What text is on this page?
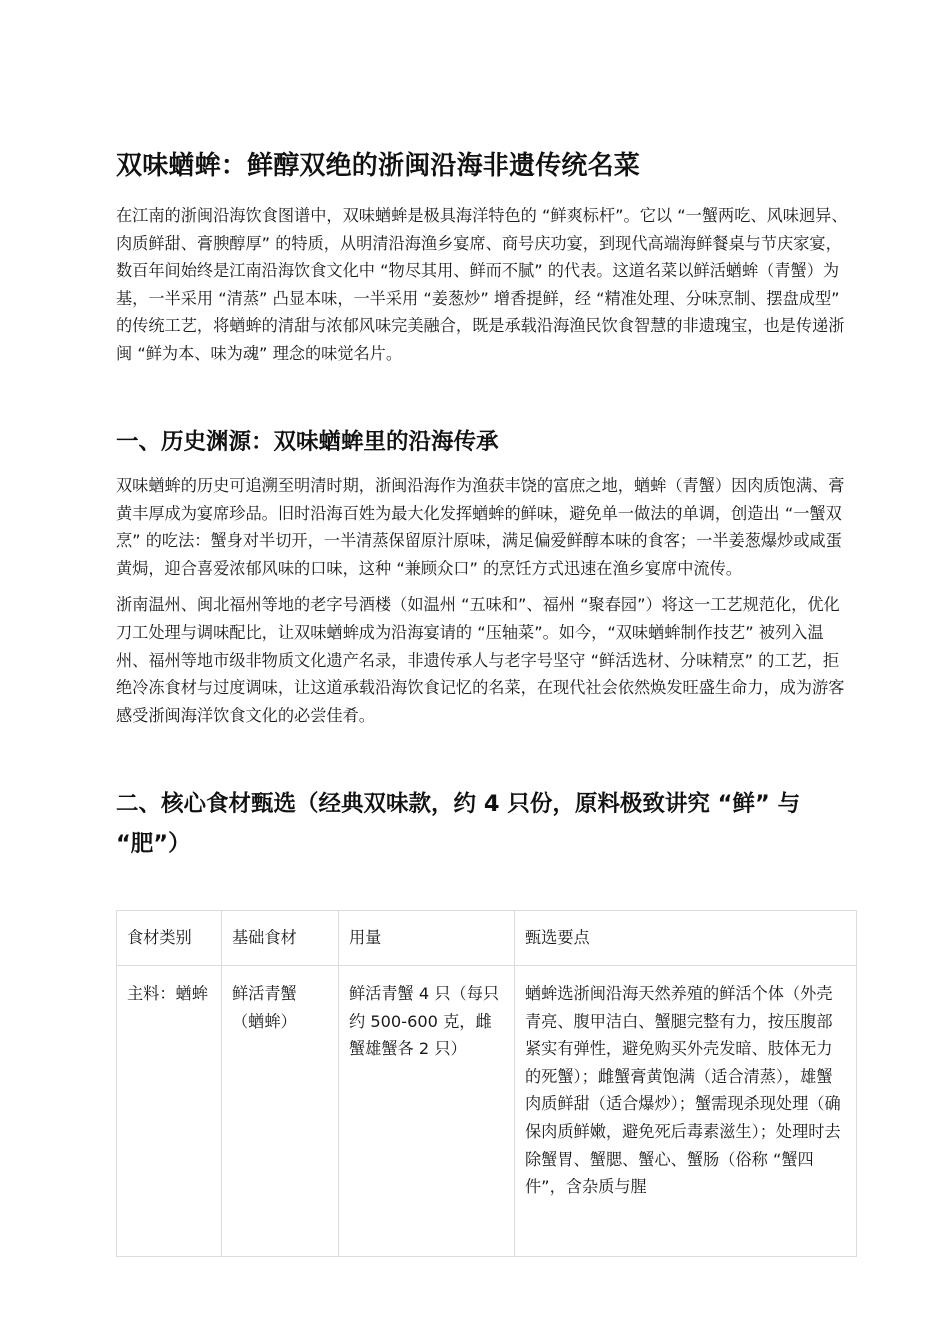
双味蝤蛑：鲜醇双绝的浙闽沿海非遗传统名菜

在江南的浙闽沿海饮食图谱中，双味蝤蛑是极具海洋特色的 “鲜爽标杆”。它以 “一蟹两吃、风味迥异、肉质鲜甜、膏腴醇厚” 的特质，从明清沿海渔乡宴席、商号庆功宴，到现代高端海鲜餐桌与节庆家宴，数百年间始终是江南沿海饮食文化中 “物尽其用、鲜而不腻” 的代表。这道名菜以鲜活蝤蛑（青蟹）为基，一半采用 “清蒸” 凸显本味，一半采用 “姜葱炒” 增香提鲜，经 “精准处理、分味烹制、摆盘成型” 的传统工艺，将蝤蛑的清甜与浓郁风味完美融合，既是承载沿海渔民饮食智慧的非遗瑰宝，也是传递浙闽 “鲜为本、味为魂” 理念的味觉名片。

一、历史渊源：双味蝤蛑里的沿海传承

双味蝤蛑的历史可追溯至明清时期，浙闽沿海作为渔获丰饶的富庶之地，蝤蛑（青蟹）因肉质饱满、膏黄丰厚成为宴席珍品。旧时沿海百姓为最大化发挥蝤蛑的鲜味，避免单一做法的单调，创造出 “一蟹双烹” 的吃法：蟹身对半切开，一半清蒸保留原汁原味，满足偏爱鲜醇本味的食客；一半姜葱爆炒或咸蛋黄焗，迎合喜爱浓郁风味的口味，这种 “兼顾众口” 的烹饪方式迅速在渔乡宴席中流传。

浙南温州、闽北福州等地的老字号酒楼（如温州 “五味和”、福州 “聚春园”）将这一工艺规范化，优化刀工处理与调味配比，让双味蝤蛑成为沿海宴请的 “压轴菜”。如今，“双味蝤蛑制作技艺” 被列入温州、福州等地市级非物质文化遗产名录，非遗传承人与老字号坚守 “鲜活选材、分味精烹” 的工艺，拒绝冷冻食材与过度调味，让这道承载沿海饮食记忆的名菜，在现代社会依然焕发旺盛生命力，成为游客感受浙闽海洋饮食文化的必尝佳肴。

二、核心食材甄选（经典双味款，约 4 只份，原料极致讲究 “鲜” 与 “肥”）
食材类别	基础食材	用量	甄选要点

主料：蝤蛑	鲜活青蟹（蝤蛑）	鲜活青蟹 4 只（每只约 500-600 克，雌蟹雄蟹各 2 只）	蝤蛑选浙闽沿海天然养殖的鲜活个体（外壳青亮、腹甲洁白、蟹腿完整有力，按压腹部紧实有弹性，避免购买外壳发暗、肢体无力的死蟹）；雌蟹膏黄饱满（适合清蒸），雄蟹肉质鲜甜（适合爆炒）；蟹需现杀现处理（确保肉质鲜嫩，避免死后毒素滋生）；处理时去除蟹胃、蟹腮、蟹心、蟹肠（俗称 “蟹四件”，含杂质与腥
